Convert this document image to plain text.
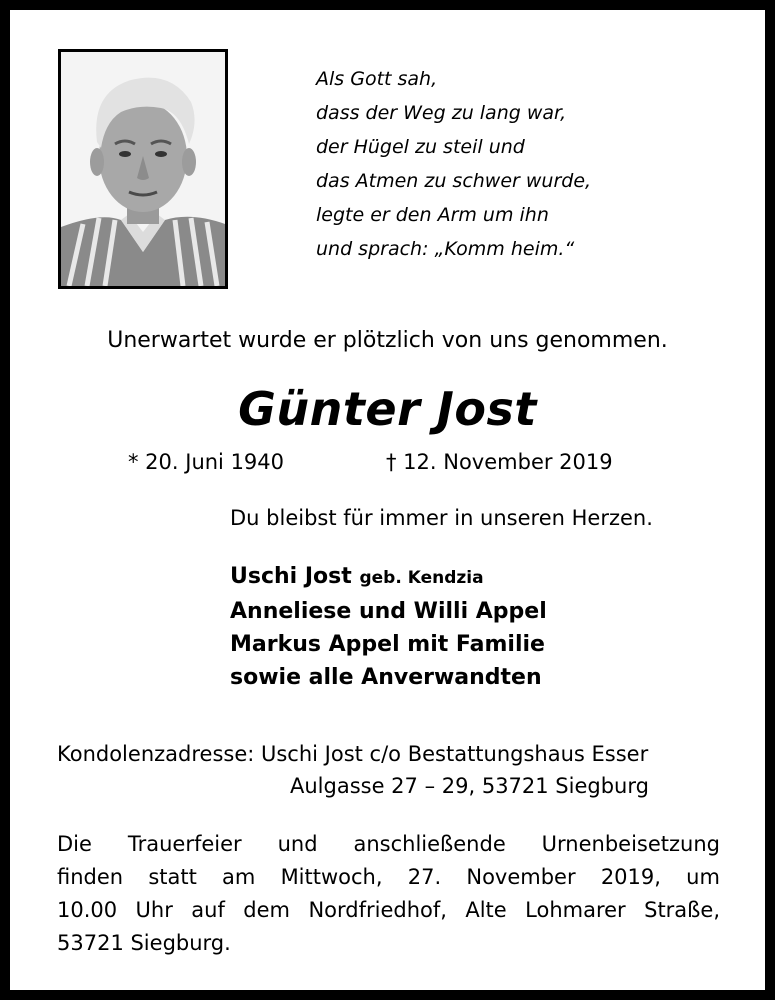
Als Gott sah,
dass der Weg zu lang war,
der Hügel zu steil und
das Atmen zu schwer wurde,
legte er den Arm um ihn
und sprach: „Komm heim.“
Unerwartet wurde er plötzlich von uns genommen.
Günter Jost
* 20. Juni 1940	† 12. November 2019
Du bleibst für immer in unseren Herzen.
Uschi Jost geb. Kendzia
Anneliese und Willi Appel
Markus Appel mit Familie
sowie alle Anverwandten
Kondolenzadresse: Uschi Jost c/o Bestattungshaus Esser
Aulgasse 27 – 29, 53721 Siegburg
Die Trauerfeier und anschließende Urnenbeisetzung
finden statt am Mittwoch, 27. November 2019, um
10.00 Uhr auf dem Nordfriedhof, Alte Lohmarer Straße,
53721 Siegburg.
